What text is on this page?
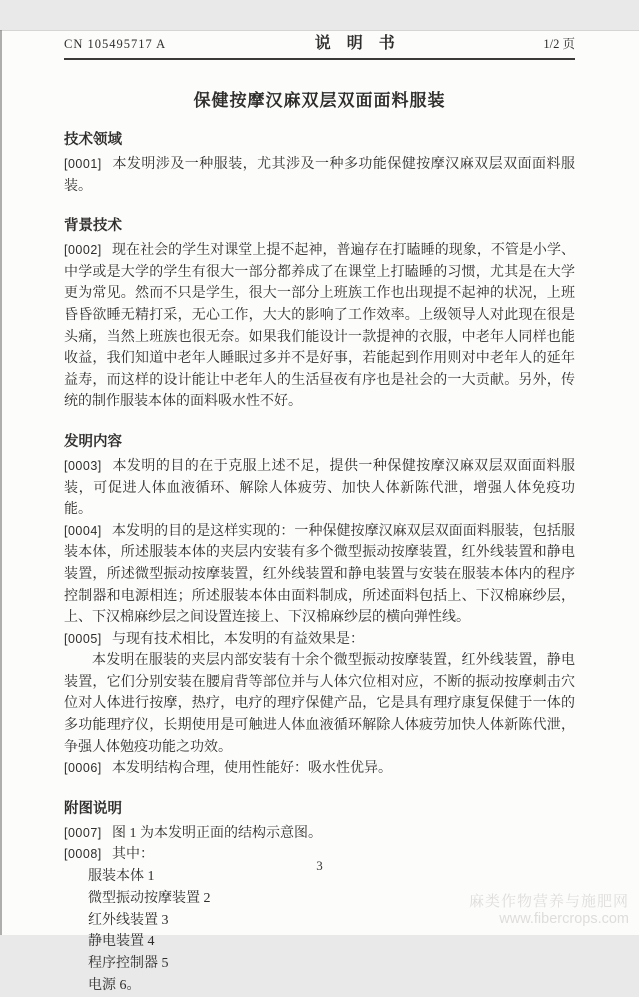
CN 105495717 A	说明书	1/2 页
保健按摩汉麻双层双面面料服装
技术领域

[0001] 本发明涉及一种服装，尤其涉及一种多功能保健按摩汉麻双层双面面料服装。

背景技术

[0002] 现在社会的学生对课堂上提不起神，普遍存在打瞌睡的现象，不管是小学、中学或是大学的学生有很大一部分都养成了在课堂上打瞌睡的习惯，尤其是在大学更为常见。然而不只是学生，很大一部分上班族工作也出现提不起神的状况，上班昏昏欲睡无精打采，无心工作，大大的影响了工作效率。上级领导人对此现在很是头痛，当然上班族也很无奈。如果我们能设计一款提神的衣服，中老年人同样也能收益，我们知道中老年人睡眠过多并不是好事，若能起到作用则对中老年人的延年益寿，而这样的设计能让中老年人的生活昼夜有序也是社会的一大贡献。另外，传统的制作服装本体的面料吸水性不好。

发明内容

[0003] 本发明的目的在于克服上述不足，提供一种保健按摩汉麻双层双面面料服装，可促进人体血液循环、解除人体疲劳、加快人体新陈代泄，增强人体免疫功能。

[0004] 本发明的目的是这样实现的：一种保健按摩汉麻双层双面面料服装，包括服装本体，所述服装本体的夹层内安装有多个微型振动按摩装置，红外线装置和静电装置，所述微型振动按摩装置，红外线装置和静电装置与安装在服装本体内的程序控制器和电源相连；所述服装本体由面料制成，所述面料包括上、下汉棉麻纱层，上、下汉棉麻纱层之间设置连接上、下汉棉麻纱层的横向弹性线。

[0005] 与现有技术相比，本发明的有益效果是：

本发明在服装的夹层内部安装有十余个微型振动按摩装置，红外线装置，静电装置，它们分别安装在腰肩背等部位并与人体穴位相对应，不断的振动按摩刺击穴位对人体进行按摩，热疗，电疗的理疗保健产品，它是具有理疗康复保健于一体的多功能理疗仪，长期使用是可触进人体血液循环解除人体疲劳加快人体新陈代泄，争强人体勉疫功能之功效。

[0006] 本发明结构合理，使用性能好：吸水性优异。

附图说明

[0007] 图 1 为本发明正面的结构示意图。

[0008] 其中：

服装本体 1
微型振动按摩装置 2
红外线装置 3
静电装置 4
程序控制器 5
电源 6。
3
麻类作物营养与施肥网
www.fibercrops.com
